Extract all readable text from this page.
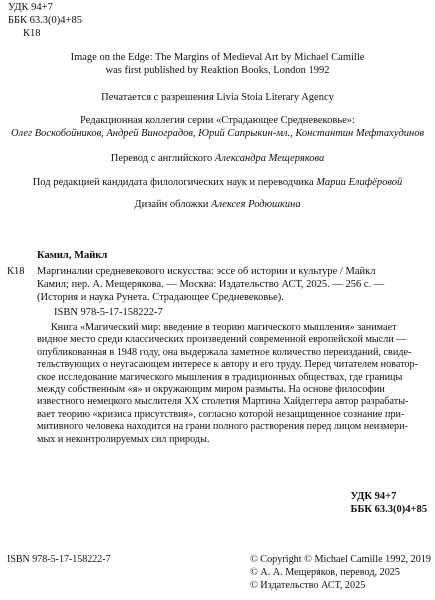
УДК 94+7
ББК 63.3(0)4+85
К18
Image on the Edge: The Margins of Medieval Art by Michael Camille
was first published by Reaktion Books, London 1992
Печатается с разрешения Livia Stoia Literary Agency
Редакционная коллегия серии «Страдающее Средневековье»:
Олег Воскобойников, Андрей Виноградов, Юрий Сапрыкин-мл., Константин Мефтахудинов
Перевод с английского Александра Мещерякова
Под редакцией кандидата филологических наук и переводчика Марии Елифёровой
Дизайн обложки Алексея Родюшкина
Камил, Майкл
К18 Маргиналии средневекового искусства: эссе об истории и культуре / Майкл
Камил; пер. А. Мещерякова. — Москва: Издательство АСТ, 2025. — 256 с. —
(История и наука Рунета. Страдающее Средневековье).
ISBN 978-5-17-158222-7
Книга «Магический мир: введение в теорию магического мышления» занимает
видное место среди классических произведений современной европейской мысли —
опубликованная в 1948 году, она выдержала заметное количество переизданий, свиде-
тельствующих о неугасающем интересе к автору и его труду. Перед читателем новатор-
ское исследование магического мышления в традиционных обществах, где границы
между собственным «я» и окружающим миром размыты. На основе философии
известного немецкого мыслителя XX столетия Мартина Хайдеггера автор разрабаты-
вает теорию «кризиса присутствия», согласно которой незащищенное сознание при-
митивного человека находится на грани полного растворения перед лицом неизмери-
мых и неконтролируемых сил природы.
УДК 94+7
ББК 63.3(0)4+85
ISBN 978-5-17-158222-7	© Copyright © Michael Camille 1992, 2019
© А. А. Мещеряков, перевод, 2025
© Издательство АСТ, 2025
